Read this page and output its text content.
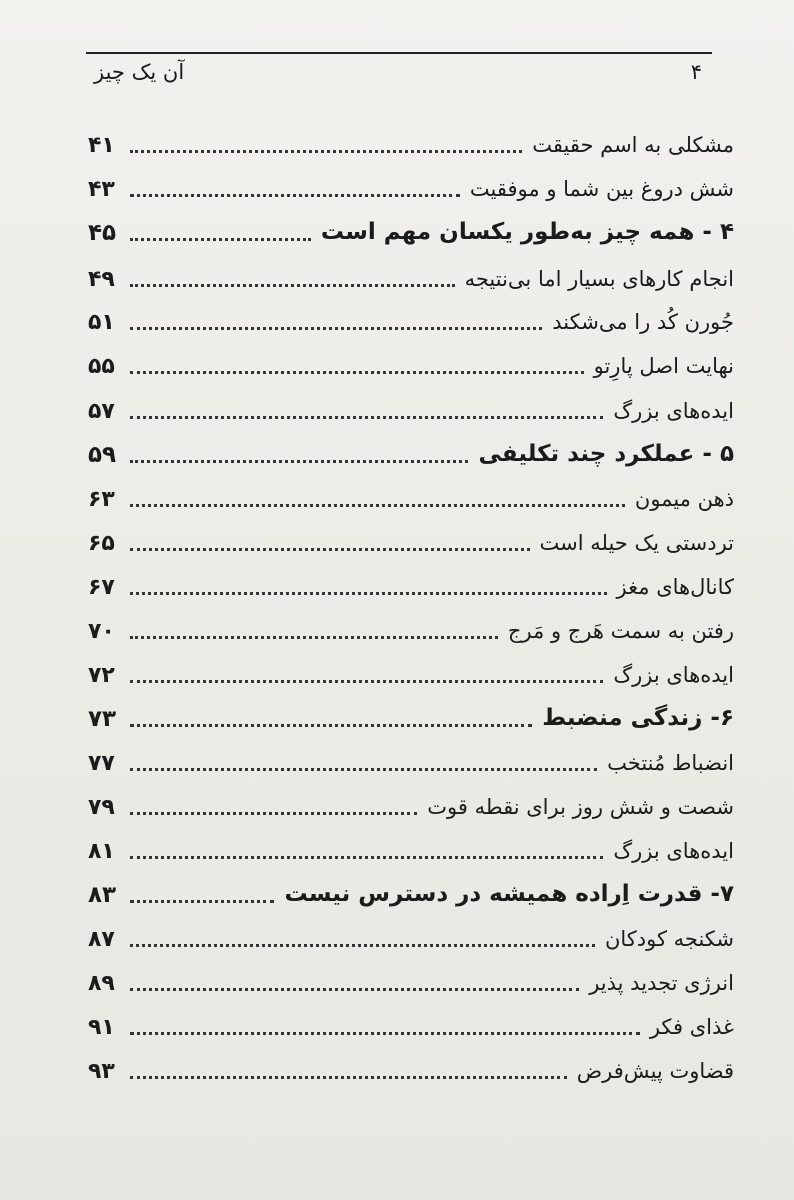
آن یک چیز	۴
۴۱	مشکلی به اسم حقیقت
۴۳	شش دروغ بین شما و موفقیت
۴۵	۴ - همه چیز به‌طور یکسان مهم است
۴۹	انجام کارهای بسیار اما بی‌نتیجه
۵۱	جُورن کُد را می‌شکند
۵۵	نهایت اصل پارِتو
۵۷	ایده‌های بزرگ
۵۹	۵ - عملکرد چند تکلیفی
۶۳	ذهن میمون
۶۵	تردستی یک حیله است
۶۷	کانال‌های مغز
۷۰	رفتن به سمت هَرج و مَرج
۷۲	ایده‌های بزرگ
۷۳	۶- زندگی منضبط
۷۷	انضباط مُنتخب
۷۹	شصت و شش روز برای نقطه قوت
۸۱	ایده‌های بزرگ
۸۳	۷- قدرت اِراده همیشه در دسترس نیست
۸۷	شکنجه کودکان
۸۹	انرژی تجدید پذیر
۹۱	غذای فکر
۹۳	قضاوت پیش‌فرض
